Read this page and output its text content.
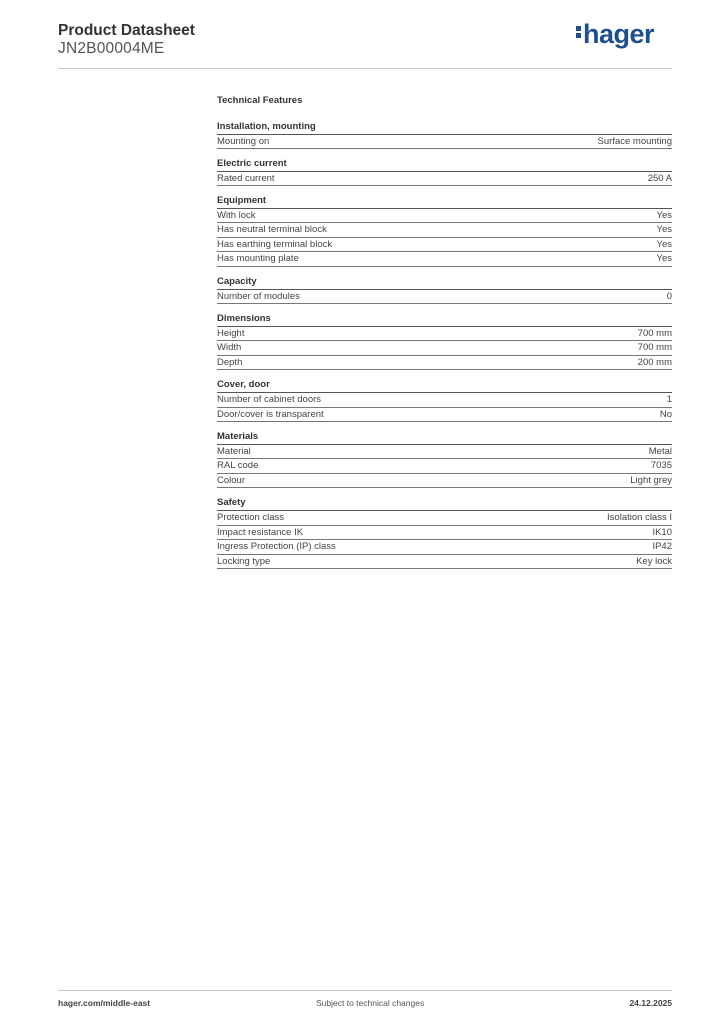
Product Datasheet
JN2B00004ME	hager
Technical Features
Installation, mounting
Mounting on	Surface mounting
Electric current
Rated current	250 A
Equipment
With lock	Yes
Has neutral terminal block	Yes
Has earthing terminal block	Yes
Has mounting plate	Yes
Capacity
Number of modules	0
Dimensions
Height	700 mm
Width	700 mm
Depth	200 mm
Cover, door
Number of cabinet doors	1
Door/cover is transparent	No
Materials
Material	Metal
RAL code	7035
Colour	Light grey
Safety
Protection class	Isolation class I
Impact resistance IK	IK10
Ingress Protection (IP) class	IP42
Locking type	Key lock
hager.com/middle-east	Subject to technical changes	24.12.2025
